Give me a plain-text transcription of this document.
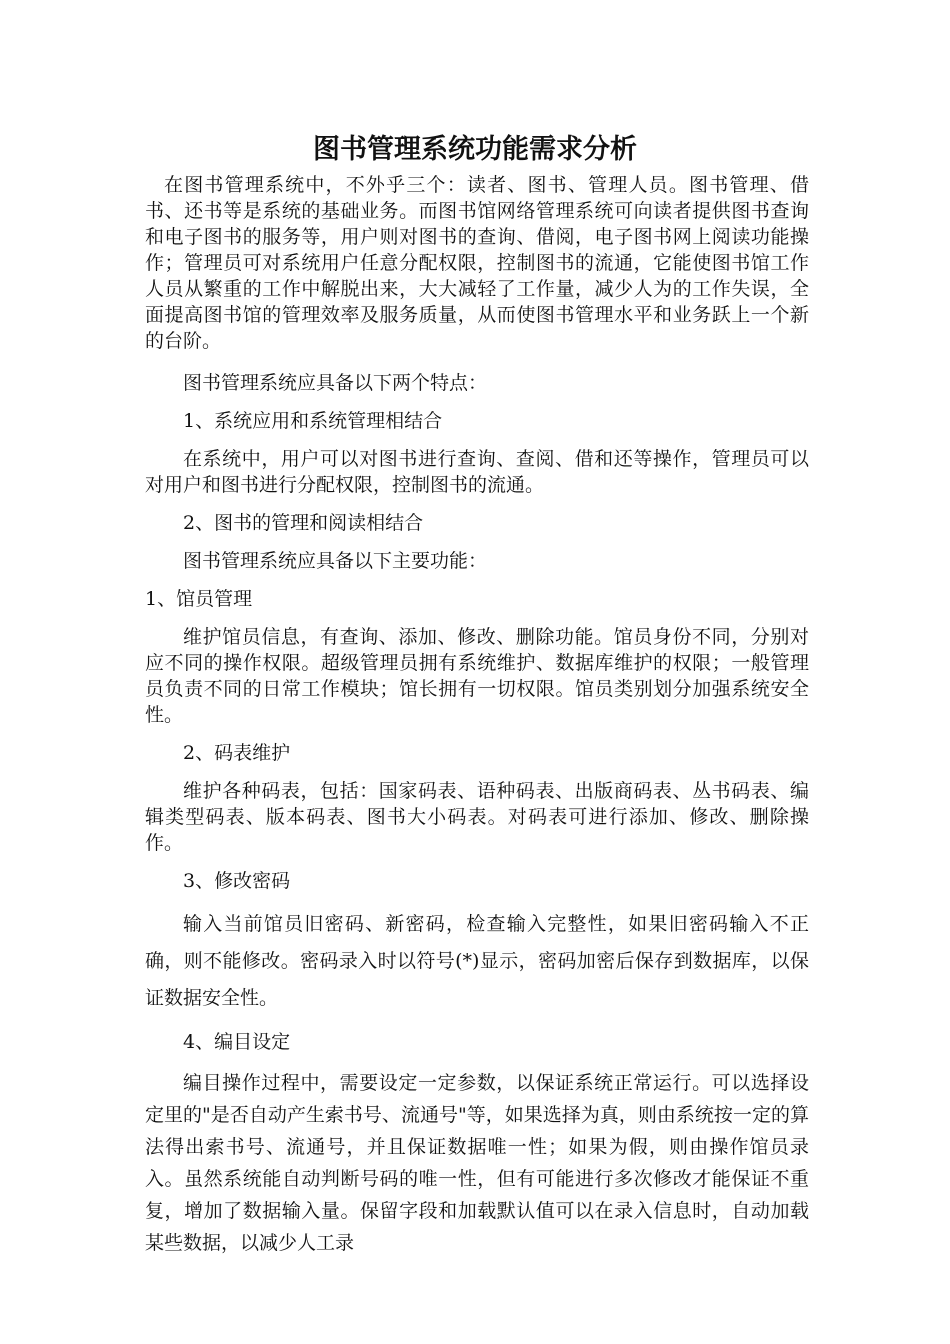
图书管理系统功能需求分析

在图书管理系统中，不外乎三个：读者、图书、管理人员。图书管理、借书、还书等是系统的基础业务。而图书馆网络管理系统可向读者提供图书查询和电子图书的服务等，用户则对图书的查询、借阅，电子图书网上阅读功能操作；管理员可对系统用户任意分配权限，控制图书的流通，它能使图书馆工作人员从繁重的工作中解脱出来，大大减轻了工作量，减少人为的工作失误，全面提高图书馆的管理效率及服务质量，从而使图书管理水平和业务跃上一个新的台阶。

图书管理系统应具备以下两个特点：

1、系统应用和系统管理相结合

在系统中，用户可以对图书进行查询、查阅、借和还等操作，管理员可以对用户和图书进行分配权限，控制图书的流通。

2、图书的管理和阅读相结合

图书管理系统应具备以下主要功能：

1、馆员管理

维护馆员信息，有查询、添加、修改、删除功能。馆员身份不同，分别对应不同的操作权限。超级管理员拥有系统维护、数据库维护的权限；一般管理员负责不同的日常工作模块；馆长拥有一切权限。馆员类别划分加强系统安全性。

2、码表维护

维护各种码表，包括：国家码表、语种码表、出版商码表、丛书码表、编辑类型码表、版本码表、图书大小码表。对码表可进行添加、修改、删除操作。

3、修改密码

输入当前馆员旧密码、新密码，检查输入完整性，如果旧密码输入不正确，则不能修改。密码录入时以符号(*)显示，密码加密后保存到数据库，以保证数据安全性。

4、编目设定

编目操作过程中，需要设定一定参数，以保证系统正常运行。可以选择设定里的"是否自动产生索书号、流通号"等，如果选择为真，则由系统按一定的算法得出索书号、流通号，并且保证数据唯一性；如果为假，则由操作馆员录入。虽然系统能自动判断号码的唯一性，但有可能进行多次修改才能保证不重复，增加了数据输入量。保留字段和加载默认值可以在录入信息时，自动加载某些数据，以减少人工录
